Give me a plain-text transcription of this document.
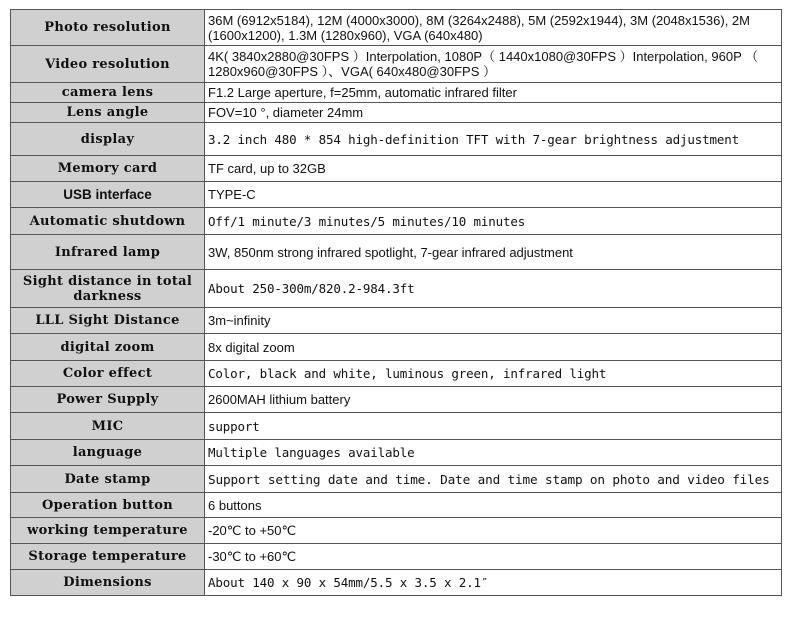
Photo resolution	36M (6912x5184), 12M (4000x3000), 8M (3264x2488), 5M (2592x1944), 3M (2048x1536), 2M (1600x1200), 1.3M (1280x960), VGA (640x480)
Video resolution	4K( 3840x2880@30FPS ）Interpolation, 1080P（ 1440x1080@30FPS ）Interpolation, 960P （ 1280x960@30FPS ）、VGA( 640x480@30FPS ）
camera lens	F1.2 Large aperture, f=25mm, automatic infrared filter
Lens angle	FOV=10 °, diameter 24mm
display	3.2 inch 480 * 854 high-definition TFT with 7-gear brightness adjustment
Memory card	TF card, up to 32GB
USB interface	TYPE-C
Automatic shutdown	Off/1 minute/3 minutes/5 minutes/10 minutes
Infrared lamp	3W, 850nm strong infrared spotlight, 7-gear infrared adjustment
Sight distance in total darkness	About 250-300m/820.2-984.3ft
LLL Sight Distance	3m~infinity
digital zoom	8x digital zoom
Color effect	Color, black and white, luminous green, infrared light
Power Supply	2600MAH lithium battery
MIC	support
language	Multiple languages available
Date stamp	Support setting date and time. Date and time stamp on photo and video files
Operation button	6 buttons
working temperature	-20℃ to +50℃
Storage temperature	-30℃ to +60℃
Dimensions	About 140 x 90 x 54mm/5.5 x 3.5 x 2.1″
